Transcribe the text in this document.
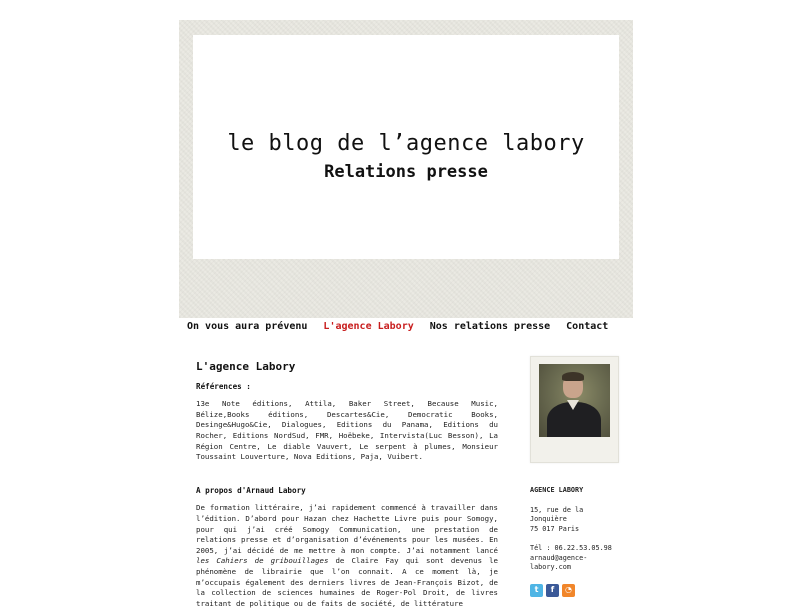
le blog de l’agence labory
Relations presse
On vous aura prévenu L'agence Labory Nos relations presse Contact
L'agence Labory
Références :

13e Note éditions, Attila, Baker Street, Because Music, Bélize,Books éditions, Descartes&Cie, Democratic Books, Desinge&Hugo&Cie, Dialogues, Editions du Panama, Editions du Rocher, Editions NordSud, FMR, Hoëbeke, Intervista(Luc Besson), La Région Centre, Le diable Vauvert, Le serpent à plumes, Monsieur Toussaint Louverture, Nova Editions, Paja, Vuibert.

A propos d'Arnaud Labory

De formation littéraire, j’ai rapidement commencé à travailler dans l’édition. D’abord pour Hazan chez Hachette Livre puis pour Somogy, pour qui j’ai créé Somogy Communication, une prestation de relations presse et d’organisation d’événements pour les musées. En 2005, j’ai décidé de me mettre à mon compte. J’ai notamment lancé les Cahiers de gribouillages de Claire Fay qui sont devenus le phénomène de librairie que l’on connait. A ce moment là, je m’occupais également des derniers livres de Jean-François Bizot, de la collection de sciences humaines de Roger-Pol Droit, de livres traitant de politique ou de faits de société, de littérature

AGENCE LABORY
15, rue de la
Jonquière
75 017 Paris
Tél : 06.22.53.05.98
arnaud@agence-
labory.com
t	f	◔
